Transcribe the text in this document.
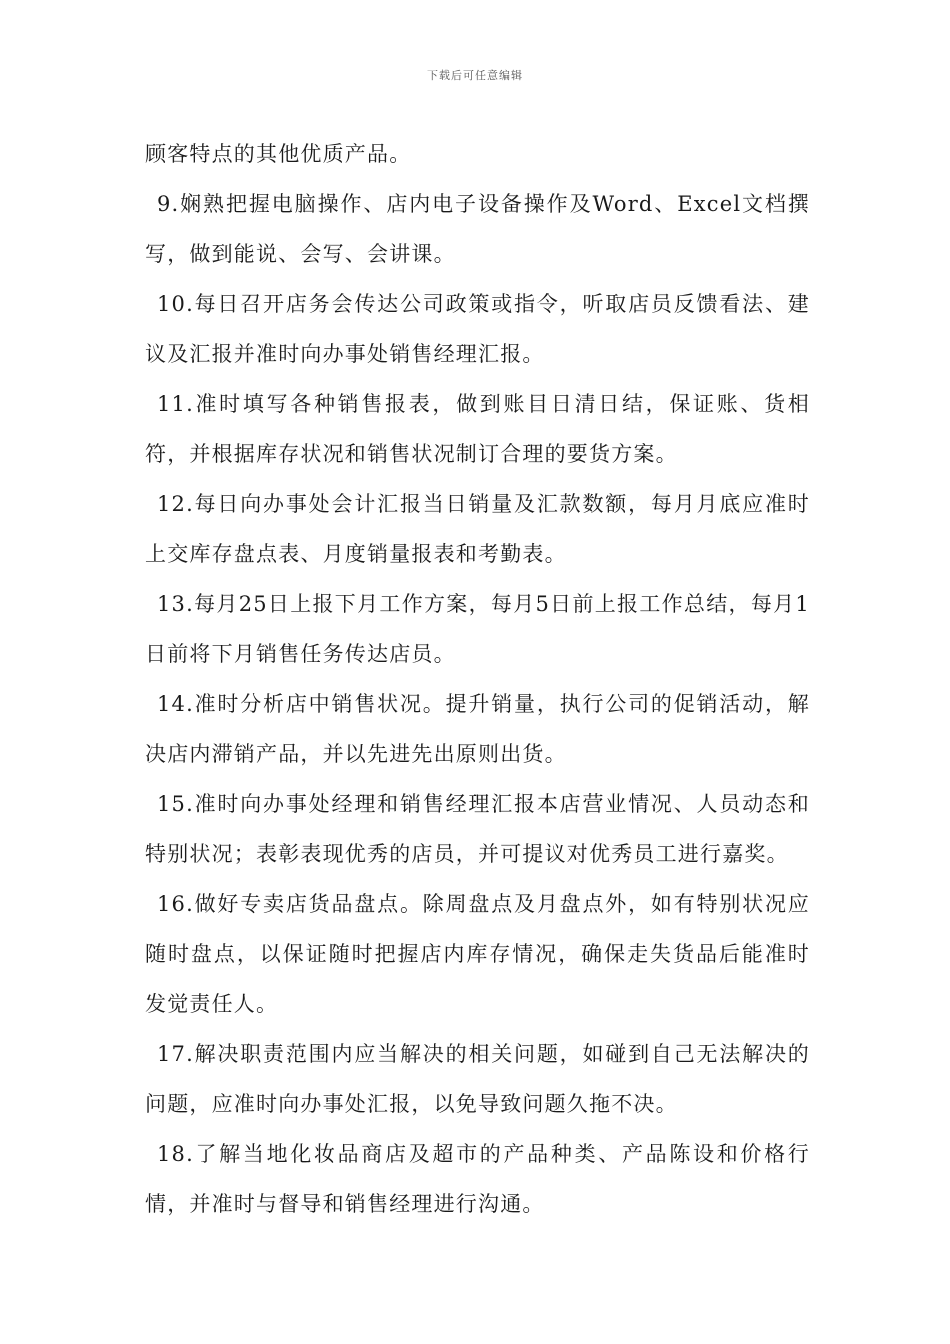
下载后可任意编辑

顾客特点的其他优质产品。

9.娴熟把握电脑操作、店内电子设备操作及Word、Excel文档撰写，做到能说、会写、会讲课。

10.每日召开店务会传达公司政策或指令，听取店员反馈看法、建议及汇报并准时向办事处销售经理汇报。

11.准时填写各种销售报表，做到账目日清日结，保证账、货相符，并根据库存状况和销售状况制订合理的要货方案。

12.每日向办事处会计汇报当日销量及汇款数额，每月月底应准时上交库存盘点表、月度销量报表和考勤表。

13.每月25日上报下月工作方案，每月5日前上报工作总结，每月1日前将下月销售任务传达店员。

14.准时分析店中销售状况。提升销量，执行公司的促销活动，解决店内滞销产品，并以先进先出原则出货。

15.准时向办事处经理和销售经理汇报本店营业情况、人员动态和特别状况；表彰表现优秀的店员，并可提议对优秀员工进行嘉奖。

16.做好专卖店货品盘点。除周盘点及月盘点外，如有特别状况应随时盘点，以保证随时把握店内库存情况，确保走失货品后能准时发觉责任人。

17.解决职责范围内应当解决的相关问题，如碰到自己无法解决的问题，应准时向办事处汇报，以免导致问题久拖不决。

18.了解当地化妆品商店及超市的产品种类、产品陈设和价格行情，并准时与督导和销售经理进行沟通。
